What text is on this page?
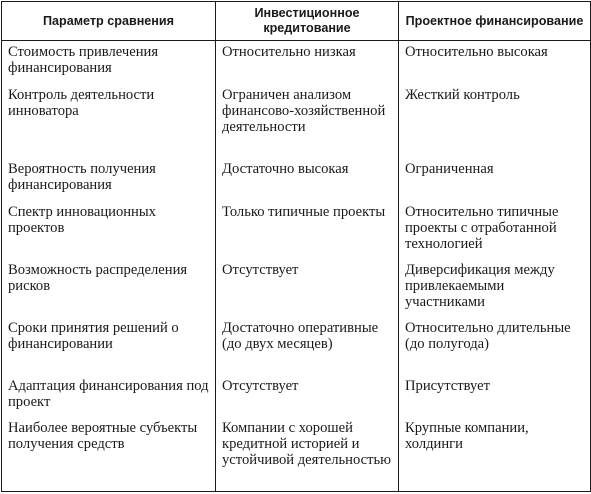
Параметр сравнения	Инвестиционное кредитование	Проектное финансирование
Стоимость привлечения финансирования	Относительно низкая	Относительно высокая
Контроль деятельности инноватора	Ограничен анализом финансово-хозяйственной деятельности	Жесткий контроль
Вероятность получения финансирования	Достаточно высокая	Ограниченная
Спектр инновационных проектов	Только типичные проекты	Относительно типичные проекты с отработанной технологией
Возможность распределения рисков	Отсутствует	Диверсификация между привлекаемыми участниками
Сроки принятия решений о финансировании	Достаточно оперативные (до двух месяцев)	Относительно длительные (до полугода)
Адаптация финансирования под проект	Отсутствует	Присутствует
Наиболее вероятные субъекты получения средств	Компании с хорошей кредитной историей и устойчивой деятельностью	Крупные компании, холдинги
